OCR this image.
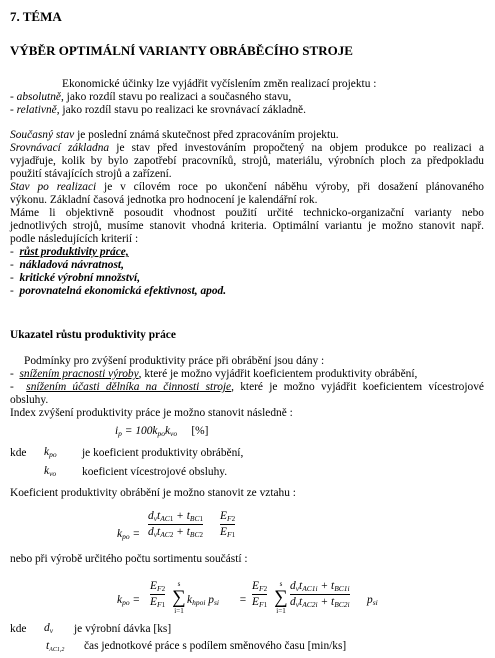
7. TÉMA
VÝBĚR OPTIMÁLNÍ VARIANTY OBRÁBĚCÍHO STROJE
Ekonomické účinky lze vyjádřit vyčíslením změn realizací projektu :
- absolutně, jako rozdíl stavu po realizaci a současného stavu,
- relativně, jako rozdíl stavu po realizaci ke srovnávací základně.
Současný stav je poslední známá skutečnost před zpracováním projektu.
Srovnávací základna je stav před investováním propočtený na objem produkce po realizaci a
vyjadřuje, kolik by bylo zapotřebí pracovníků, strojů, materiálu, výrobních ploch za předpokladu
použití stávajících strojů a zařízení.
Stav po realizaci je v cílovém roce po ukončení náběhu výroby, při dosažení plánovaného
výkonu. Základní časová jednotka pro hodnocení je kalendářní rok.
Máme li objektivně posoudit vhodnost použití určité technicko-organizační varianty nebo
jednotlivých strojů, musíme stanovit vhodná kriteria. Optimální variantu je možno stanovit např.
podle následujících kriterií :
-  růst produktivity práce,
-  nákladová návratnost,
-  kritické výrobní množství,
-  porovnatelná ekonomická efektivnost, apod.
Ukazatel růstu produktivity práce
Podmínky pro zvýšení produktivity práce při obrábění jsou dány :
-  snížením pracnosti výroby, které je možno vyjádřit koeficientem produktivity obrábění,
-  snížením účasti dělníka na činnosti stroje, které je možno vyjádřit koeficientem vícestrojové
obsluhy.
Index zvýšení produktivity práce je možno stanovit následně :
$i_p = 100k_{po}k_{vo}$ [%]
kde $k_{po}$ je koeficient produktivity obrábění,
$k_{vo}$ koeficient vícestrojové obsluhy.
Koeficient produktivity obrábění je možno stanovit ze vztahu :
$k_{po}$ =
$d_vt_{AC1} + t_{BC1}$
$d_vt_{AC2} + t_{BC2}$
$E_{F2}$
$E_{F1}$
nebo při výrobě určitého počtu sortimentu součástí :
$k_{po}$ =
$E_{F2}$
$E_{F1}$
s
∑
i=1
$k_{hpoi}$ $p_{si}$ =
$E_{F2}$
$E_{F1}$
s
∑
i=1
$d_vt_{AC1i} + t_{BC1i}$
$d_vt_{AC2i} + t_{BC2i}$ $p_{si}$
kde $d_v$ je výrobní dávka [ks]
$t_{AC1,2}$ čas jednotkové práce s podílem směnového času [min/ks]
